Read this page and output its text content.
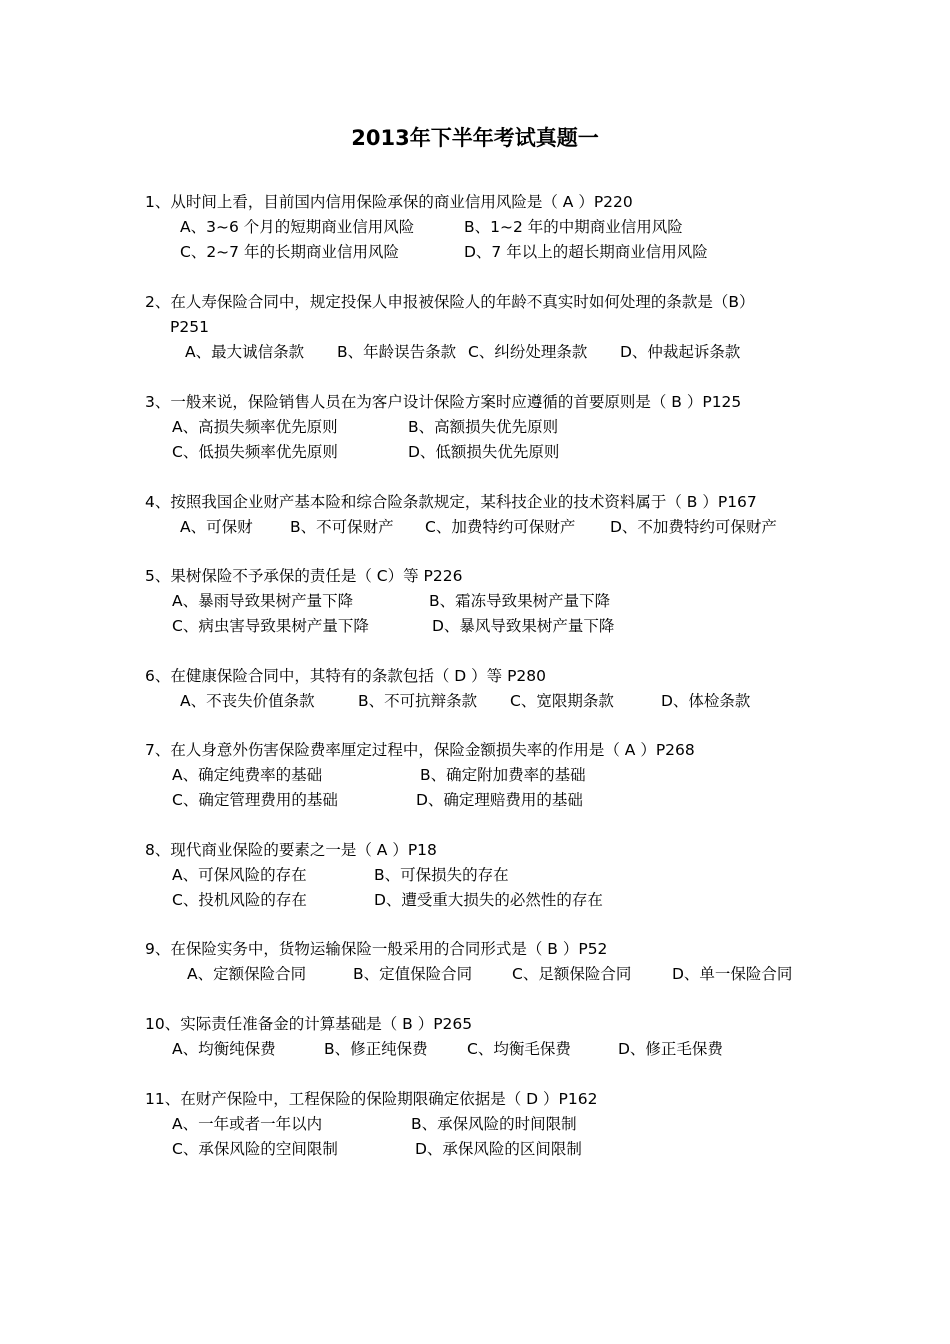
2013年下半年考试真题一
1、从时间上看，目前国内信用保险承保的商业信用风险是（ A ）P220
A、3~6 个月的短期商业信用风险	B、1~2 年的中期商业信用风险
C、2~7 年的长期商业信用风险	D、7 年以上的超长期商业信用风险
2、在人寿保险合同中，规定投保人申报被保险人的年龄不真实时如何处理的条款是（B）
P251
A、最大诚信条款	B、年龄误告条款 C、纠纷处理条款	D、仲裁起诉条款
3、一般来说，保险销售人员在为客户设计保险方案时应遵循的首要原则是（ B ）P125
A、高损失频率优先原则	B、高额损失优先原则
C、低损失频率优先原则	D、低额损失优先原则
4、按照我国企业财产基本险和综合险条款规定，某科技企业的技术资料属于（ B ）P167
A、可保财	B、不可保财产	C、加费特约可保财产	D、不加费特约可保财产
5、果树保险不予承保的责任是（ C）等 P226
A、暴雨导致果树产量下降	B、霜冻导致果树产量下降
C、病虫害导致果树产量下降	D、暴风导致果树产量下降
6、在健康保险合同中，其特有的条款包括（ D ）等 P280
A、不丧失价值条款	B、不可抗辩条款	C、宽限期条款	D、体检条款
7、在人身意外伤害保险费率厘定过程中，保险金额损失率的作用是（ A ）P268
A、确定纯费率的基础	B、确定附加费率的基础
C、确定管理费用的基础	D、确定理赔费用的基础
8、现代商业保险的要素之一是（ A ）P18
A、可保风险的存在	B、可保损失的存在
C、投机风险的存在	D、遭受重大损失的必然性的存在
9、在保险实务中，货物运输保险一般采用的合同形式是（ B ）P52
A、定额保险合同	B、定值保险合同	C、足额保险合同	D、单一保险合同
10、实际责任准备金的计算基础是（ B ）P265
A、均衡纯保费	B、修正纯保费	C、均衡毛保费	D、修正毛保费
11、在财产保险中，工程保险的保险期限确定依据是（ D ）P162
A、一年或者一年以内	B、承保风险的时间限制
C、承保风险的空间限制	D、承保风险的区间限制
